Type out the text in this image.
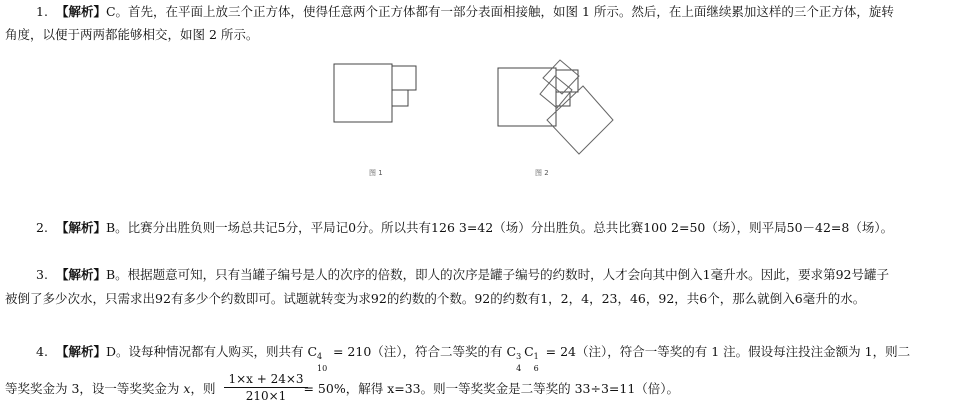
1. 【解析】C。首先，在平面上放三个正方体，使得任意两个正方体都有一部分表面相接触，如图 1 所示。然后，在上面继续累加这样的三个正方体，旋转
角度，以便于两两都能够相交，如图 2 所示。
图 1	图 2
2. 【解析】B。比赛分出胜负则一场总共记5分，平局记0分。所以共有126 3=42（场）分出胜负。总共比赛100 2=50（场），则平局50－42=8（场）。
3. 【解析】B。根据题意可知，只有当罐子编号是人的次序的倍数，即人的次序是罐子编号的约数时，人才会向其中倒入1毫升水。因此，要求第92号罐子
被倒了多少次水，只需求出92有多少个约数即可。试题就转变为求92的约数的个数。92的约数有1，2，4，23，46，92，共6个，那么就倒入6毫升的水。
4. 【解析】D。设每种情况都有人购买，则共有 C 4
10
= 210（注），符合二等奖的有 C 3
4
C 1
6
= 24（注），符合一等奖的有 1 注。假设每注投注金额为 1，则二
等奖奖金为 3，设一等奖奖金为 x，则	= 50%，解得 x=33。则一等奖奖金是二等奖的 33÷3=11（倍）。
1×x + 24×3
210×1
